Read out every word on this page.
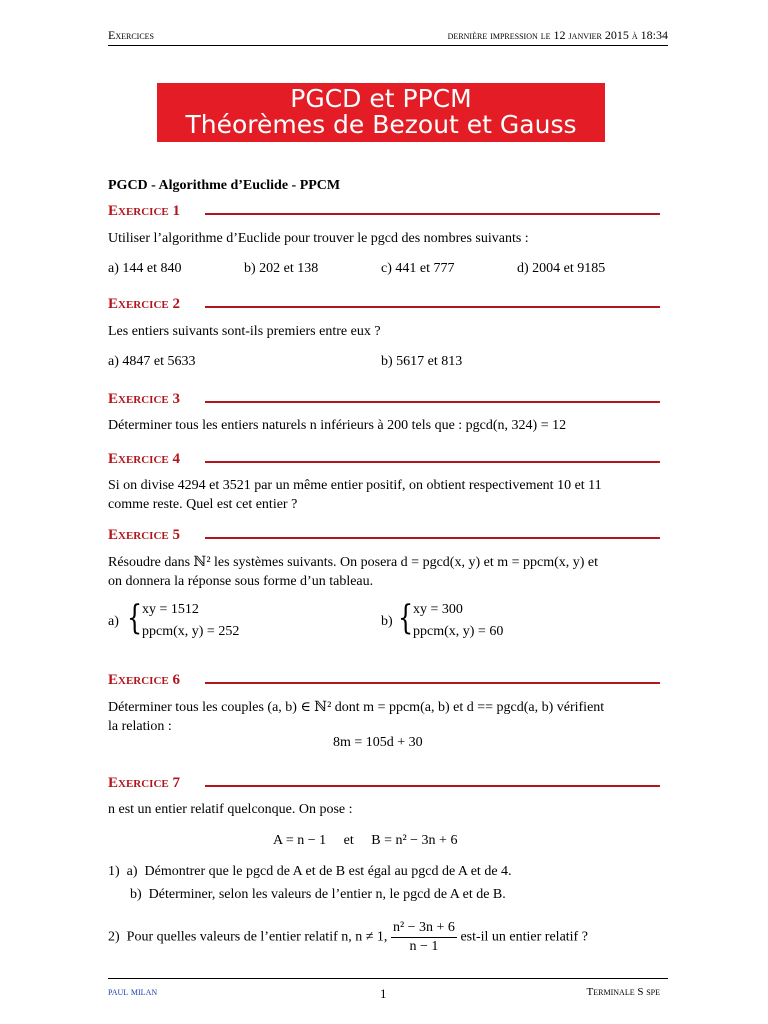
Exercices	dernière impression le 12 janvier 2015 à 18:34
PGCD et PPCM
Théorèmes de Bezout et Gauss
PGCD - Algorithme d’Euclide - PPCM
Exercice 1
Utiliser l’algorithme d’Euclide pour trouver le pgcd des nombres suivants :
a) 144 et 840	b) 202 et 138	c) 441 et 777	d) 2004 et 9185
Exercice 2
Les entiers suivants sont-ils premiers entre eux ?
a) 4847 et 5633	b) 5617 et 813
Exercice 3
Déterminer tous les entiers naturels n inférieurs à 200 tels que : pgcd(n, 324) = 12
Exercice 4
Si on divise 4294 et 3521 par un même entier positif, on obtient respectivement 10 et 11
comme reste. Quel est cet entier ?
Exercice 5
Résoudre dans ℕ² les systèmes suivants. On posera d = pgcd(x, y) et m = ppcm(x, y) et
on donnera la réponse sous forme d’un tableau.
a) { xy = 1512
ppcm(x, y) = 252
b) { xy = 300
ppcm(x, y) = 60
Exercice 6
Déterminer tous les couples (a, b) ∈ ℕ² dont m = ppcm(a, b) et d == pgcd(a, b) vérifient
la relation :
8m = 105d + 30
Exercice 7
n est un entier relatif quelconque. On pose :
A = n − 1     et     B = n² − 3n + 6
1)  a)  Démontrer que le pgcd de A et de B est égal au pgcd de A et de 4.
b)  Déterminer, selon les valeurs de l’entier n, le pgcd de A et de B.
2)  Pour quelles valeurs de l’entier relatif n, n ≠ 1, $\frac{\text{n² − 3n + 6}}{n - 1} est-il$ un entier relatif ?
paul milan	1	Terminale S spe
